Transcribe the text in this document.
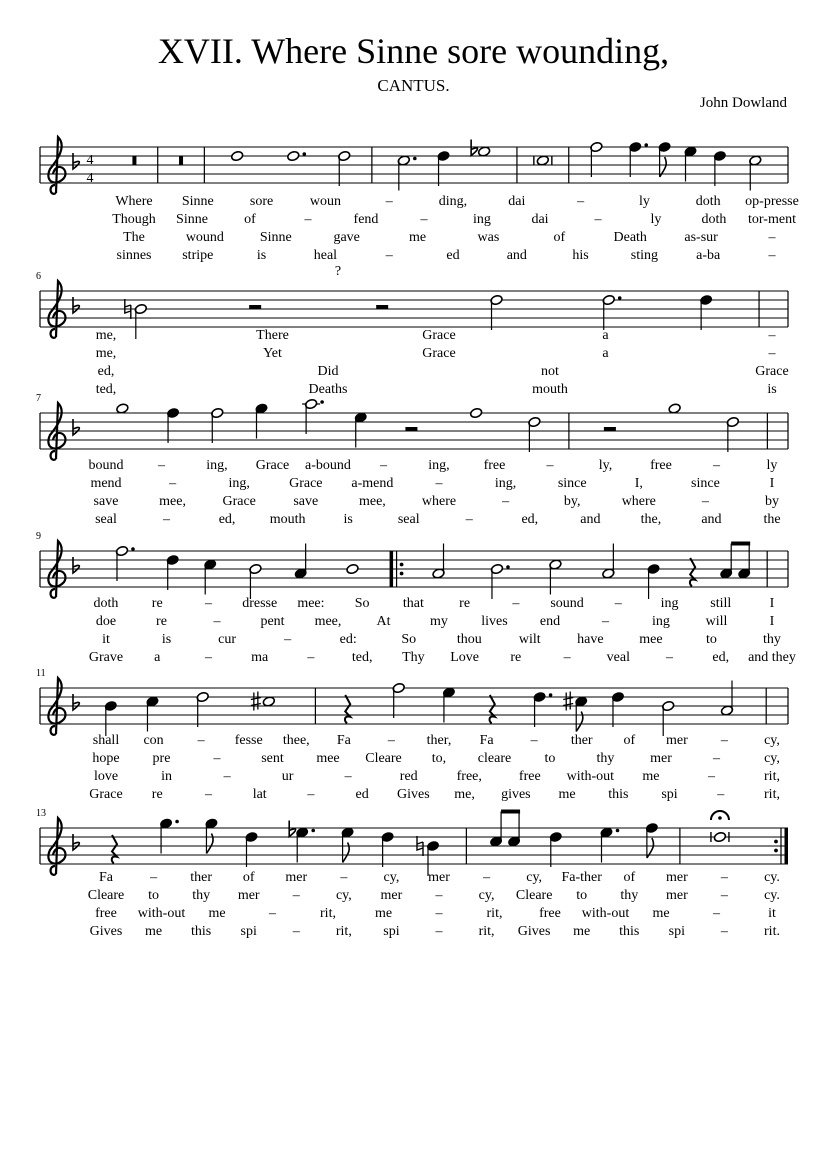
XVII. Where Sinne sore wounding,
CANTUS.
John Dowland
4
4
Where Sinne	sore	woun	–	ding,	dai	–	ly	doth op-presse
Though Sinne	of	–	fend	–	ing	dai	–	ly	doth tor-ment
The	wound	Sinne	gave	me	was	of	Death	as-sur	–
sinnes stripe	is	heal	–	ed	and	his	sting	a-ba	–
6	?
me,	There	Grace	a	–
me,	Yet	Grace	a	–
ed,	Did	not	Grace
ted,	Deaths	mouth	is
7
bound –	ing, Grace a-bound –	ing, free	–	ly,	free	–	ly
mend	–	ing,	Grace a-mend	–	ing,	since	I,	since	I
save	mee,	Grace	save	mee,	where	–	by,	where	–	by
seal	–	ed, mouth	is	seal	–	ed,	and	the,	and	the
9
doth re	– dresse mee: So that	re	– sound –	ing still	I
doe	re	–	pent mee,	At	my lives end	–	ing	will	I
it	is	cur	–	ed:	So	thou	wilt	have	mee	to	thy
Grave a	–	ma	–	ted, Thy Love re	–	veal	–	ed, and they
11
shall con – fesse thee, Fa	– ther, Fa	– ther of mer –	cy,
hope pre	–	sent mee Cleare to, cleare to	thy	mer	–	cy,
love	in	–	ur	–	red	free,	free with-out me	–	rit,
Grace re	–	lat	–	ed Gives me, gives me this spi	–	rit,
13
Fa	– ther of mer –	cy, mer –	cy, Fa-ther of mer –	cy.
Cleare to thy mer –	cy, mer –	cy, Cleare to thy mer –	cy.
free with-out me	–	rit,	me	–	rit,	free with-out me	–	it
Gives me this spi	–	rit, spi	–	rit, Gives me this spi	–	rit.
